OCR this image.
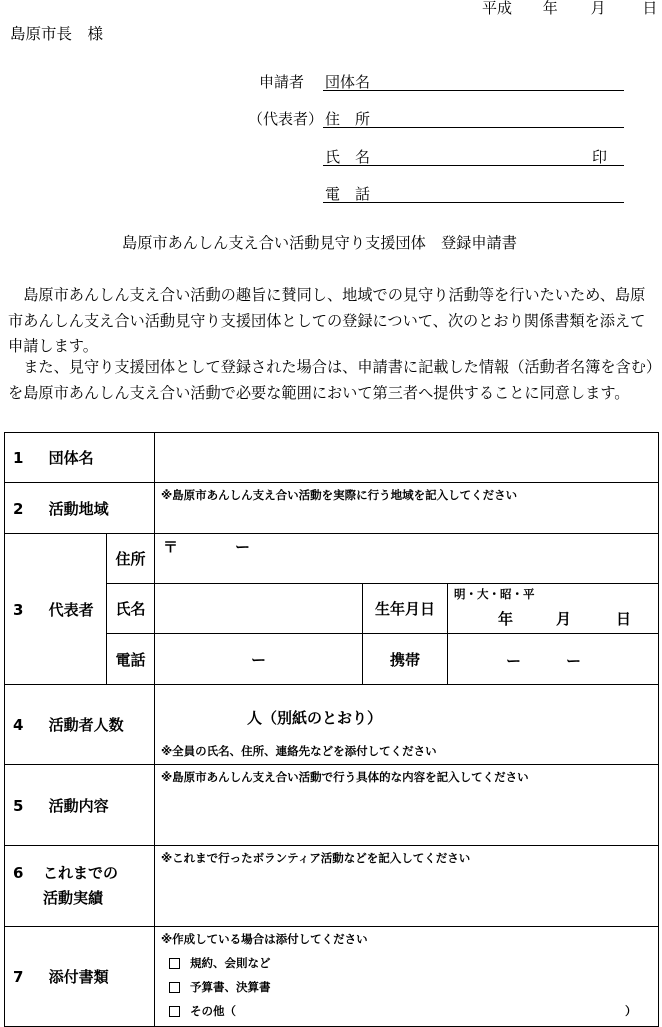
平成 年 月 日
島原市長　様
申請者 団体名
（代表者） 住　所
氏　名	印
電　話
島原市あんしん支え合い活動見守り支援団体　登録申請書
　島原市あんしん支え合い活動の趣旨に賛同し、地域での見守り活動等を行いたいため、島原市あんしん支え合い活動見守り支援団体としての登録について、次のとおり関係書類を添えて申請します。
　また、見守り支援団体として登録された場合は、申請書に記載した情報（活動者名簿を含む）を島原市あんしん支え合い活動で必要な範囲において第三者へ提供することに同意します。
1 団体名				
2 活動地域		※島原市あんしん支え合い活動を実際に行う地域を記入してください		

3 代表者	住所	〒 ー		

	氏名		生年月日	明・大・昭・平
年 月 日

	電話	ー	携帯	ー ー

4 活動者人数		人（別紙のとおり）
※全員の氏名、住所、連絡先などを添付してください		

5 活動内容		※島原市あんしん支え合い活動で行う具体的な内容を記入してください		

6 これまでの
活動実績		※これまで行ったボランティア活動などを記入してください		

7 添付書類		※作成している場合は添付してください
規約、会則など
予算書、決算書
その他（ ）		
